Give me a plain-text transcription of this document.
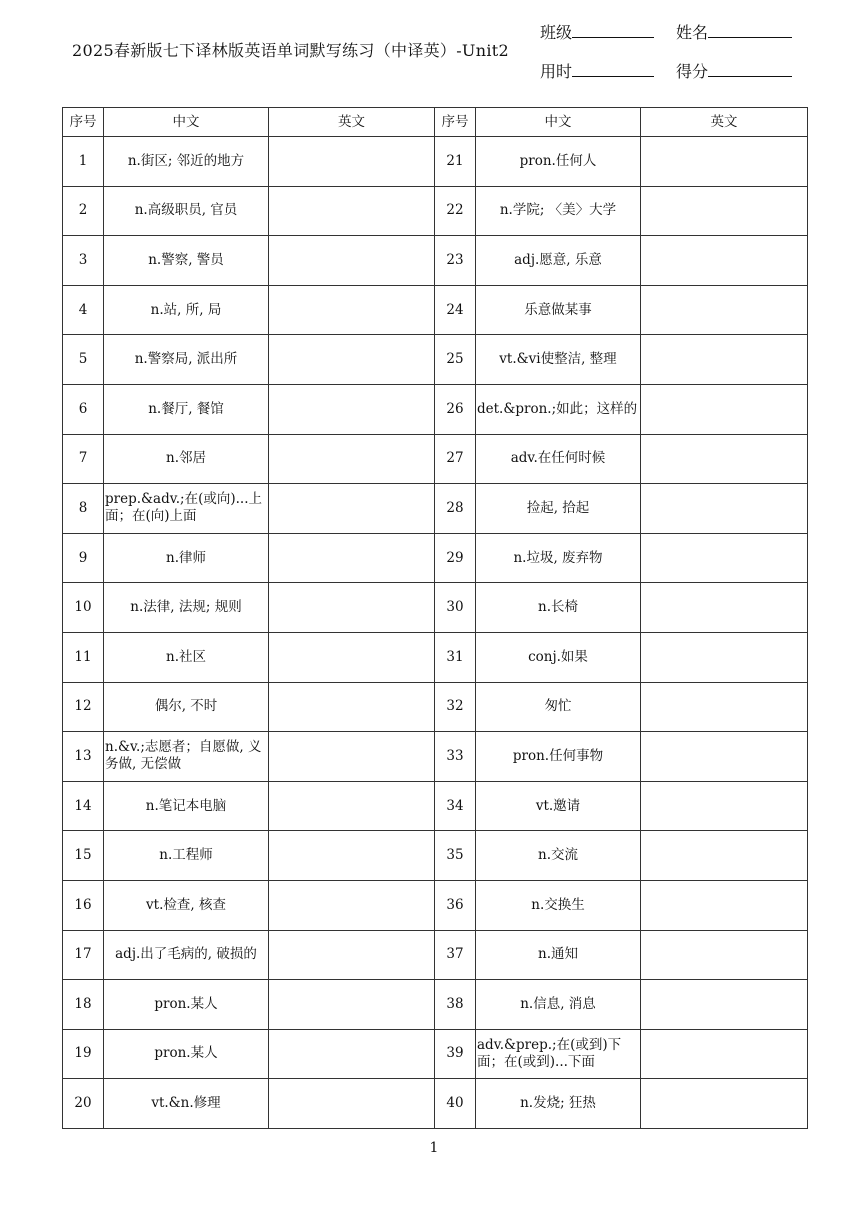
2025春新版七下译林版英语单词默写练习（中译英）-Unit2
班级	姓名
用时	得分
序号	中文	英文	序号	中文	英文
1	n.街区; 邻近的地方		21	pron.任何人	
2	n.高级职员, 官员		22	n.学院; 〈美〉大学	
3	n.警察, 警员		23	adj.愿意, 乐意	
4	n.站, 所, 局		24	乐意做某事	
5	n.警察局, 派出所		25	vt.&vi使整洁, 整理	
6	n.餐厅, 餐馆		26	det.&pron.;如此；这样的	
7	n.邻居		27	adv.在任何时候	
8	prep.&adv.;在(或向)...上面；在(向)上面		28	捡起, 拾起	
9	n.律师		29	n.垃圾, 废弃物	
10	n.法律, 法规; 规则		30	n.长椅	
11	n.社区		31	conj.如果	
12	偶尔, 不时		32	匆忙	
13	n.&v.;志愿者；自愿做, 义务做, 无偿做		33	pron.任何事物	
14	n.笔记本电脑		34	vt.邀请	
15	n.工程师		35	n.交流	
16	vt.检查, 核查		36	n.交换生	
17	adj.出了毛病的, 破损的		37	n.通知	
18	pron.某人		38	n.信息, 消息	
19	pron.某人		39	adv.&prep.;在(或到)下面；在(或到)...下面	
20	vt.&n.修理		40	n.发烧; 狂热	
1
